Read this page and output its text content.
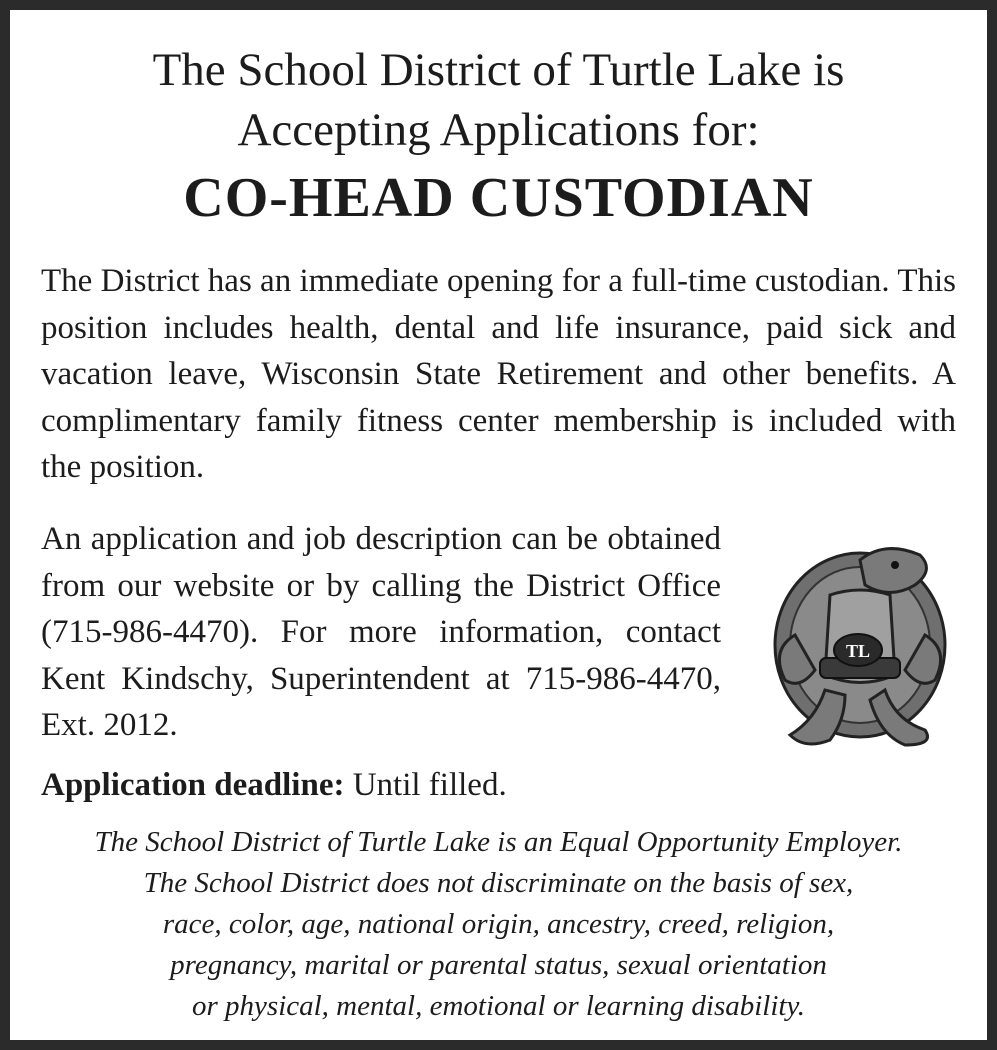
The School District of Turtle Lake is
Accepting Applications for:
CO-HEAD CUSTODIAN
The District has an immediate opening for a full-time custodian. This position includes health, dental and life insurance, paid sick and vacation leave, Wisconsin State Retirement and other benefits. A complimentary family fitness center membership is included with the position.
An application and job description can be obtained from our website or by calling the District Office (715-986-4470). For more information, contact Kent Kindschy, Superintendent at 715-986-4470, Ext. 2012.
TL
Application deadline: Until filled.
The School District of Turtle Lake is an Equal Opportunity Employer.
The School District does not discriminate on the basis of sex,
race, color, age, national origin, ancestry, creed, religion,
pregnancy, marital or parental status, sexual orientation
or physical, mental, emotional or learning disability.
